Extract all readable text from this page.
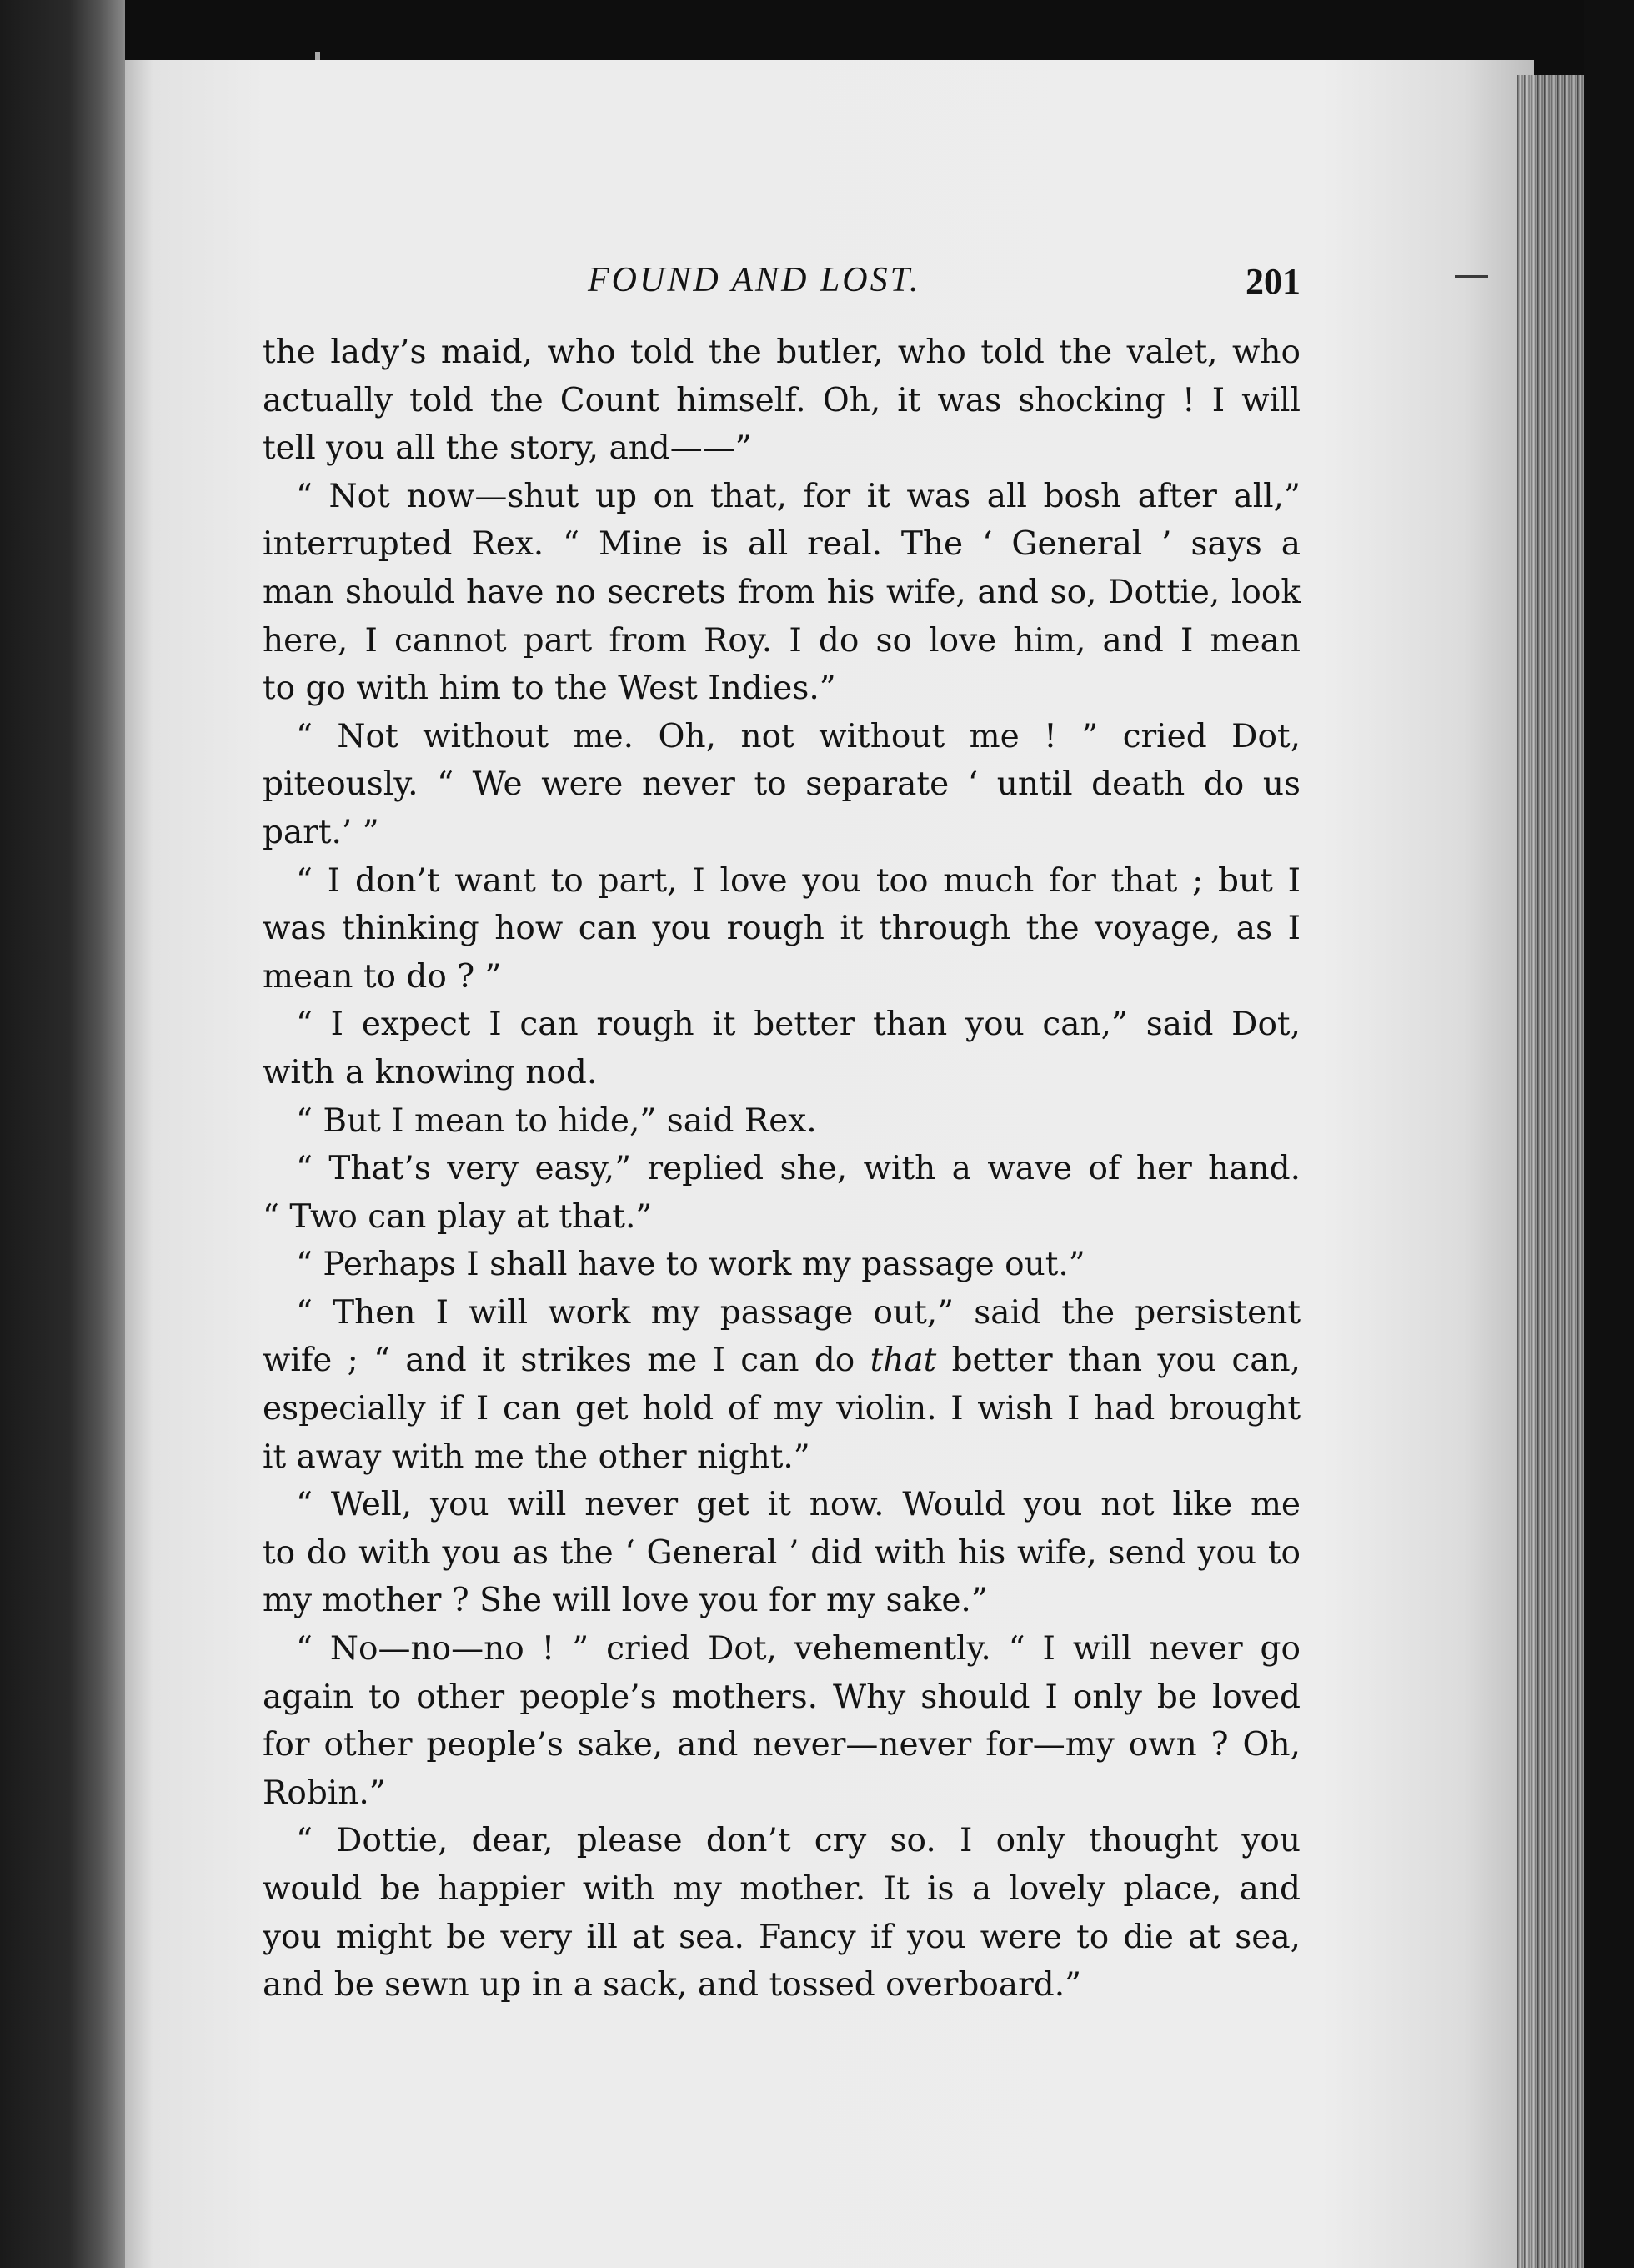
FOUND AND LOST.	201
the lady’s maid, who told the butler, who told the valet, who
actually told the Count himself. Oh, it was shocking ! I will
tell you all the story, and——”
“ Not now—shut up on that, for it was all bosh after all,”
interrupted Rex. “ Mine is all real. The ‘ General ’ says a
man should have no secrets from his wife, and so, Dottie, look
here, I cannot part from Roy. I do so love him, and I mean
to go with him to the West Indies.”
“ Not without me. Oh, not without me ! ” cried Dot,
piteously. “ We were never to separate ‘ until death do us
part.’ ”
“ I don’t want to part, I love you too much for that ; but I
was thinking how can you rough it through the voyage, as I
mean to do ? ”
“ I expect I can rough it better than you can,” said Dot,
with a knowing nod.
“ But I mean to hide,” said Rex.
“ That’s very easy,” replied she, with a wave of her hand.
“ Two can play at that.”
“ Perhaps I shall have to work my passage out.”
“ Then I will work my passage out,” said the persistent
wife ; “ and it strikes me I can do that better than you can,
especially if I can get hold of my violin. I wish I had brought
it away with me the other night.”
“ Well, you will never get it now. Would you not like me
to do with you as the ‘ General ’ did with his wife, send you to
my mother ? She will love you for my sake.”
“ No—no—no ! ” cried Dot, vehemently. “ I will never go
again to other people’s mothers. Why should I only be loved
for other people’s sake, and never—never for—my own ? Oh,
Robin.”
“ Dottie, dear, please don’t cry so. I only thought you
would be happier with my mother. It is a lovely place, and
you might be very ill at sea. Fancy if you were to die at sea,
and be sewn up in a sack, and tossed overboard.”
